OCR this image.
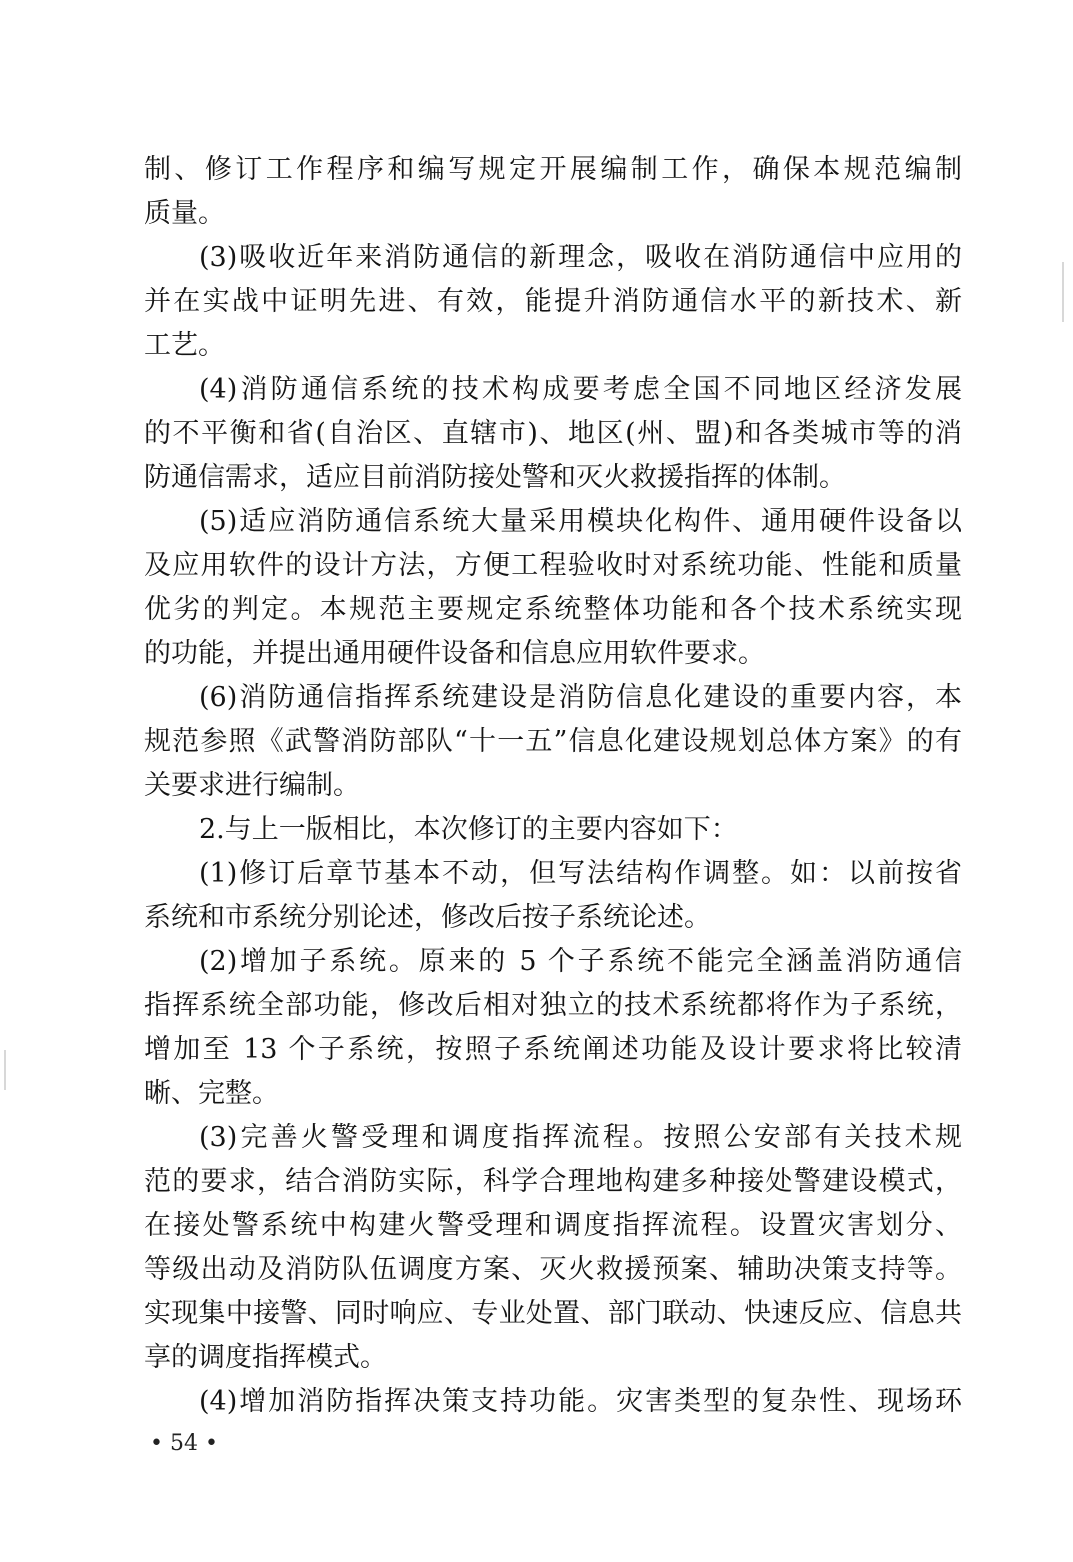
制、修订工作程序和编写规定开展编制工作，确保本规范编制

质量。

(3)吸收近年来消防通信的新理念，吸收在消防通信中应用的

并在实战中证明先进、有效，能提升消防通信水平的新技术、新

工艺。

(4)消防通信系统的技术构成要考虑全国不同地区经济发展

的不平衡和省(自治区、直辖市)、地区(州、盟)和各类城市等的消

防通信需求，适应目前消防接处警和灭火救援指挥的体制。

(5)适应消防通信系统大量采用模块化构件、通用硬件设备以

及应用软件的设计方法，方便工程验收时对系统功能、性能和质量

优劣的判定。本规范主要规定系统整体功能和各个技术系统实现

的功能，并提出通用硬件设备和信息应用软件要求。

(6)消防通信指挥系统建设是消防信息化建设的重要内容，本

规范参照《武警消防部队“十一五”信息化建设规划总体方案》的有

关要求进行编制。

2.与上一版相比，本次修订的主要内容如下：

(1)修订后章节基本不动，但写法结构作调整。如：以前按省

系统和市系统分别论述，修改后按子系统论述。

(2)增加子系统。原来的 5 个子系统不能完全涵盖消防通信

指挥系统全部功能，修改后相对独立的技术系统都将作为子系统，

增加至 13 个子系统，按照子系统阐述功能及设计要求将比较清

晰、完整。

(3)完善火警受理和调度指挥流程。按照公安部有关技术规

范的要求，结合消防实际，科学合理地构建多种接处警建设模式，

在接处警系统中构建火警受理和调度指挥流程。设置灾害划分、

等级出动及消防队伍调度方案、灭火救援预案、辅助决策支持等。

实现集中接警、同时响应、专业处置、部门联动、快速反应、信息共

享的调度指挥模式。

(4)增加消防指挥决策支持功能。灾害类型的复杂性、现场环

• 54 •
